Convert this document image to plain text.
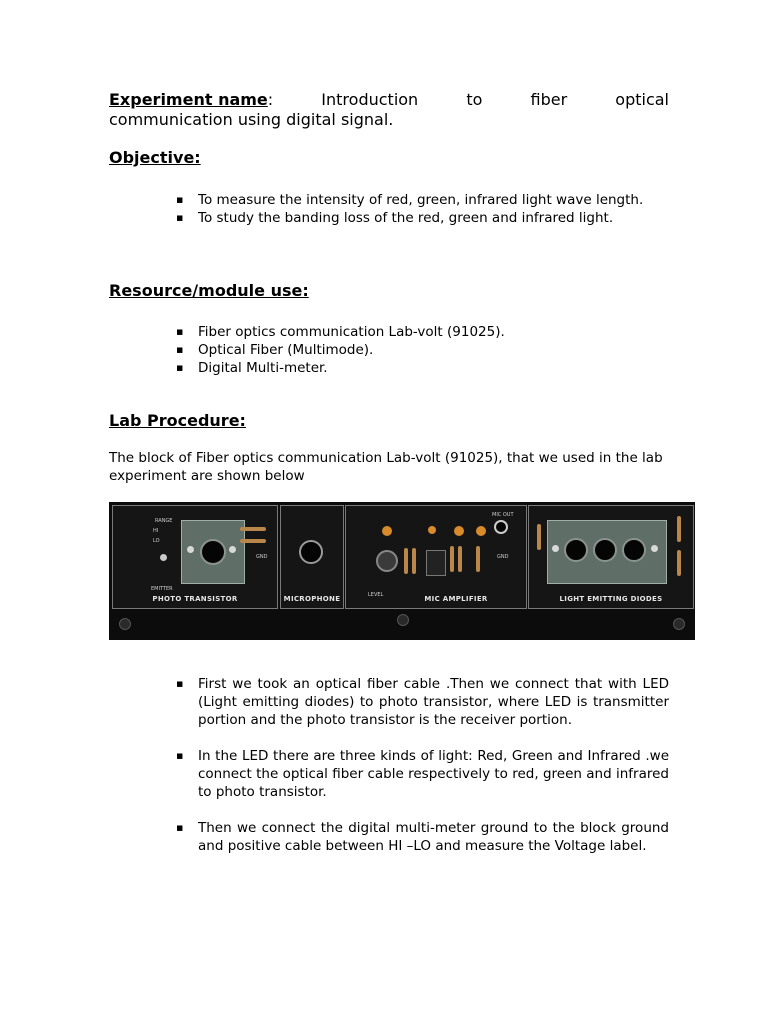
Experiment name:	Introduction	to	fiber	optical
communication using digital signal.
Objective:
▪ To measure the intensity of red, green, infrared light wave length.
▪ To study the banding loss of the red, green and infrared light.
Resource/module use:
▪ Fiber optics communication Lab-volt (91025).
▪ Optical Fiber (Multimode).
▪ Digital Multi-meter.
Lab Procedure:

The block of Fiber optics communication Lab-volt (91025), that we used in the lab experiment are shown below

RANGE
HI
LO
EMITTER
GND
PHOTO TRANSISTOR	MICROPHONE
MIC OUT
GND
LEVEL	MIC AMPLIFIER	LIGHT EMITTING DIODES
▪ First we took an optical fiber cable .Then we connect that with LED (Light emitting diodes) to photo transistor, where LED is transmitter portion and the photo transistor is the receiver portion.
▪ In the LED there are three kinds of light: Red, Green and Infrared .we connect the optical fiber cable respectively to red, green and infrared to photo transistor.
▪ Then we connect the digital multi-meter ground to the block ground and positive cable between HI –LO and measure the Voltage label.
